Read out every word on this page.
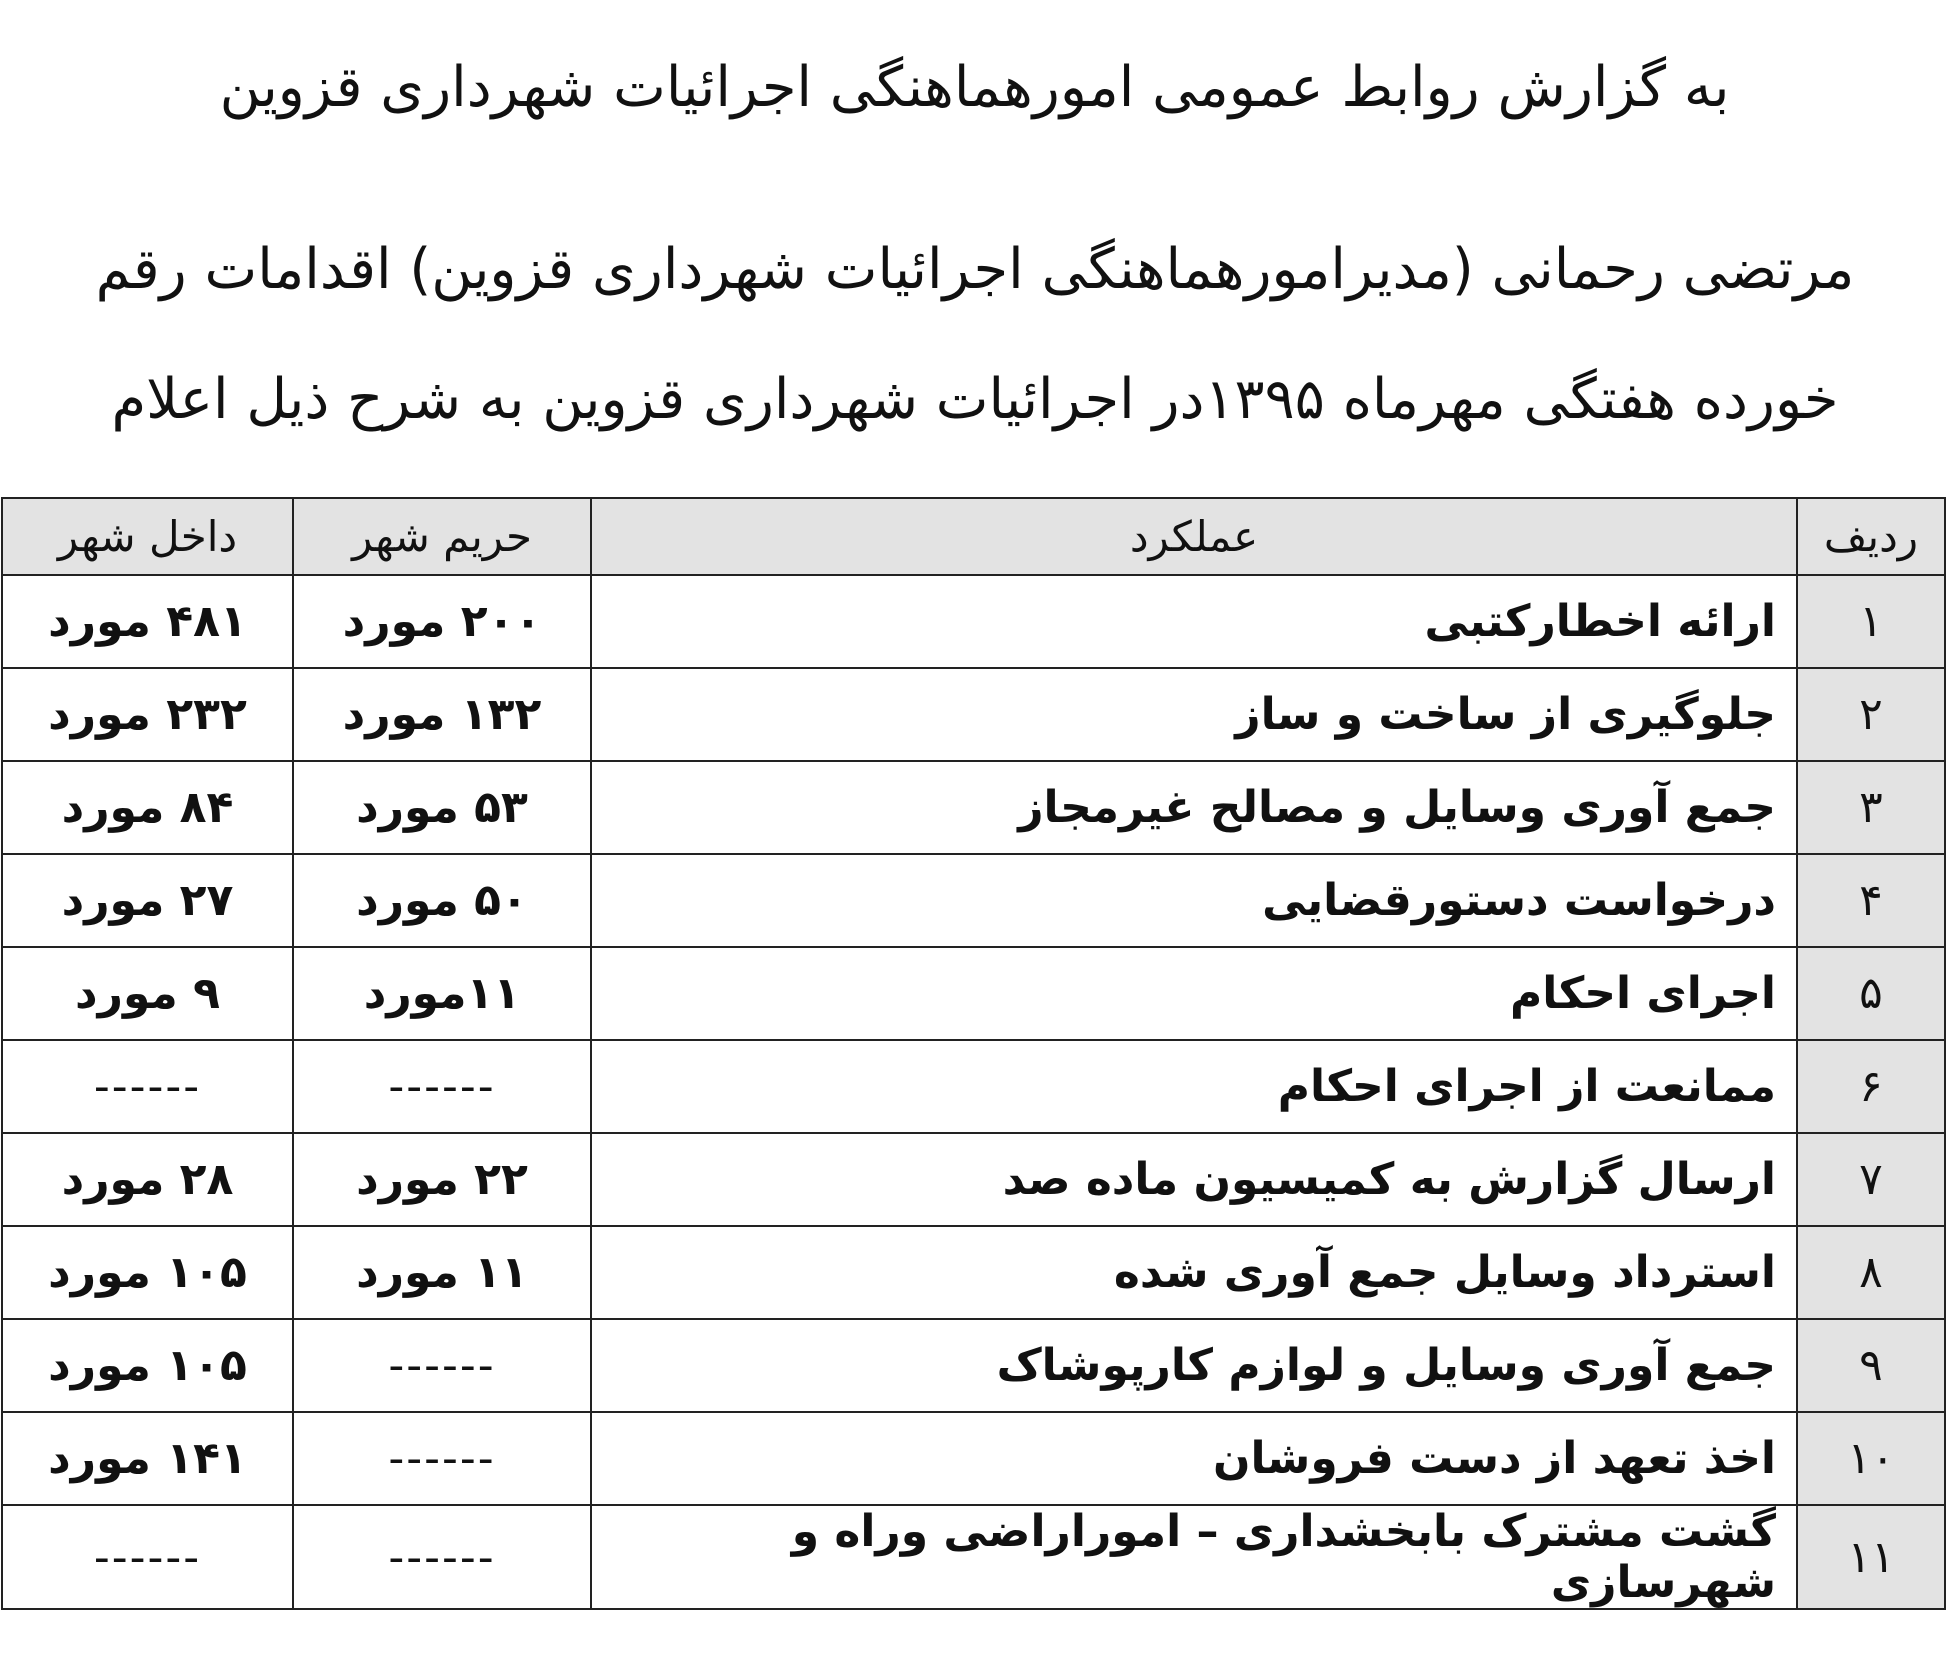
به گزارش روابط عمومی امورهماهنگی اجرائیات شهرداری قزوین
مرتضی رحمانی (مدیرامورهماهنگی اجرائیات شهرداری قزوین) اقدامات رقم خورده هفتگی مهرماه ۱۳۹۵در اجرائیات شهرداری قزوین به شرح ذیل اعلام
ردیف	عملکرد	حریم شهر	داخل شهر
۱	ارائه اخطارکتبی	۲۰۰ مورد	۴۸۱ مورد
۲	جلوگیری از ساخت و ساز	۱۳۲ مورد	۲۳۲ مورد
۳	جمع آوری وسایل و مصالح غیرمجاز	۵۳ مورد	۸۴ مورد
۴	درخواست دستورقضایی	۵۰ مورد	۲۷ مورد
۵	اجرای احکام	۱۱مورد	۹ مورد
۶	ممانعت از اجرای احکام	------	------
۷	ارسال گزارش به کمیسیون ماده صد	۲۲ مورد	۲۸ مورد
۸	استرداد وسایل جمع آوری شده	۱۱ مورد	۱۰۵ مورد
۹	جمع آوری وسایل و لوازم کارپوشاک	------	۱۰۵ مورد
۱۰	اخذ تعهد از دست فروشان	------	۱۴۱ مورد
۱۱	گشت مشترک بابخشداری – اموراراضی وراه و شهرسازی	------	------
